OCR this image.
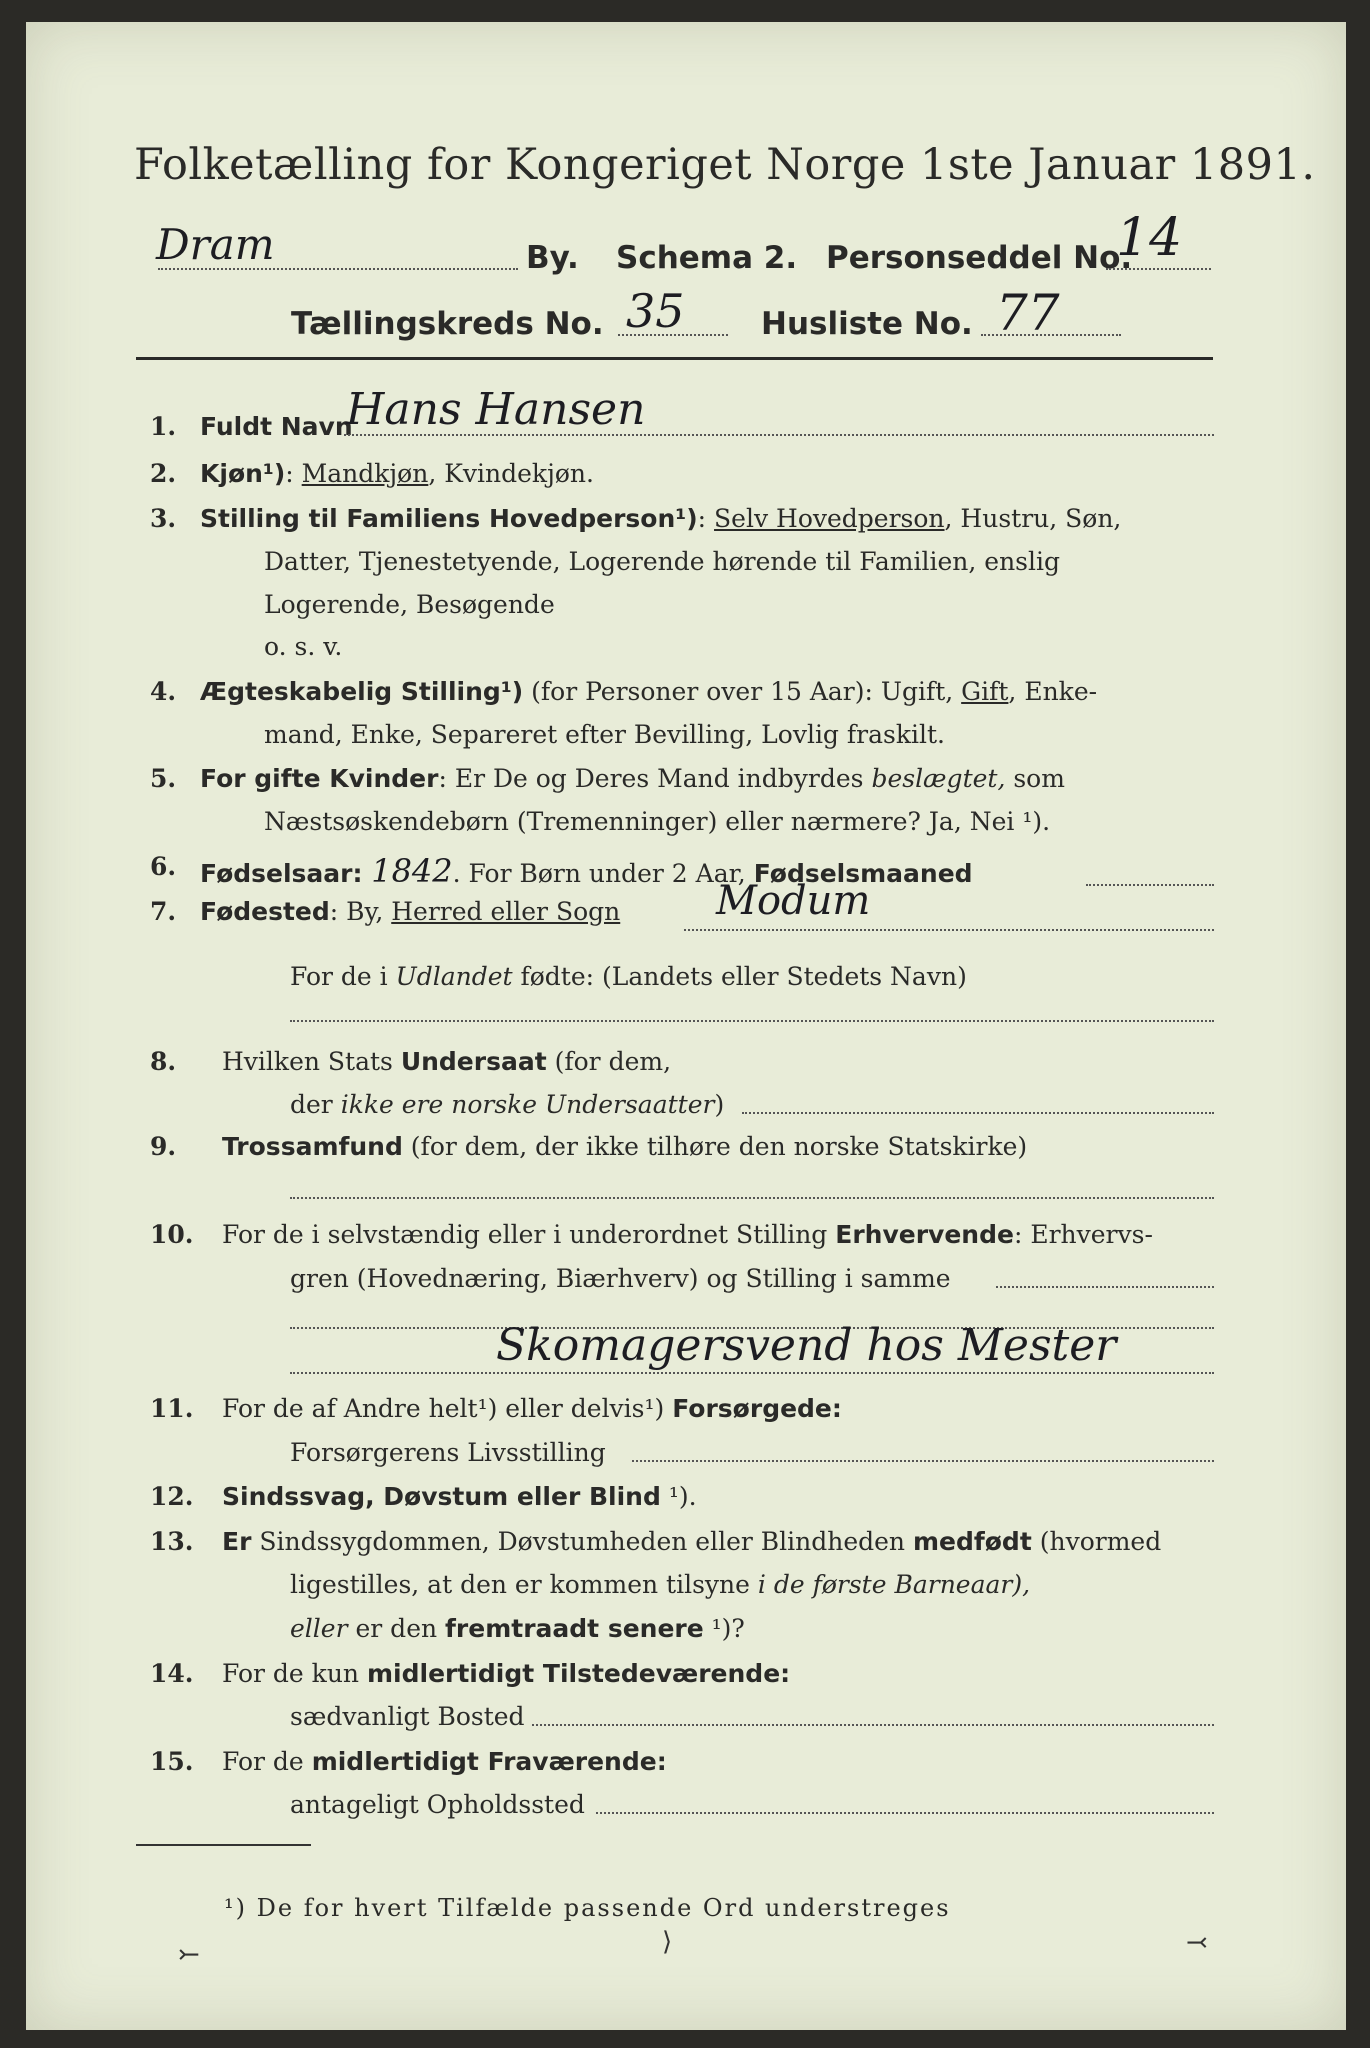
Folketælling for Kongeriget Norge 1ste Januar 1891.
Dram	By. Schema 2. Personseddel No.
14
Tællingskreds No. 35 Husliste No. 77
1. Fuldt Navn
Hans Hansen
2. Kjøn¹): Mandkjøn, Kvindekjøn.
3. Stilling til Familiens Hovedperson¹): Selv Hovedperson, Hustru, Søn,
Datter, Tjenestetyende, Logerende hørende til Familien, enslig
Logerende, Besøgende
o. s. v.
4. Ægteskabelig Stilling¹) (for Personer over 15 Aar): Ugift, Gift, Enke-
mand, Enke, Separeret efter Bevilling, Lovlig fraskilt.
5. For gifte Kvinder: Er De og Deres Mand indbyrdes beslægtet, som
Næstsøskendebørn (Tremenninger) eller nærmere? Ja, Nei ¹).
6. Fødselsaar: 1842. For Børn under 2 Aar, Fødselsmaaned
7. Fødested: By, Herred eller Sogn Modum
For de i Udlandet fødte: (Landets eller Stedets Navn)
8. Hvilken Stats Undersaat (for dem,
der ikke ere norske Undersaatter)
9. Trossamfund (for dem, der ikke tilhøre den norske Statskirke)
10. For de i selvstændig eller i underordnet Stilling Erhvervende: Erhvervs-
gren (Hovednæring, Biærhverv) og Stilling i samme
Skomagersvend hos Mester
11. For de af Andre helt¹) eller delvis¹) Forsørgede:
Forsørgerens Livsstilling
12. Sindssvag, Døvstum eller Blind ¹).
13. Er Sindssygdommen, Døvstumheden eller Blindheden medfødt (hvormed
ligestilles, at den er kommen tilsyne i de første Barneaar),
eller er den fremtraadt senere ¹)?
14. For de kun midlertidigt Tilstedeværende:
sædvanligt Bosted
15. For de midlertidigt Fraværende:
antageligt Opholdssted
¹) De for hvert Tilfælde passende Ord understreges
⤚	⟩	⤙
